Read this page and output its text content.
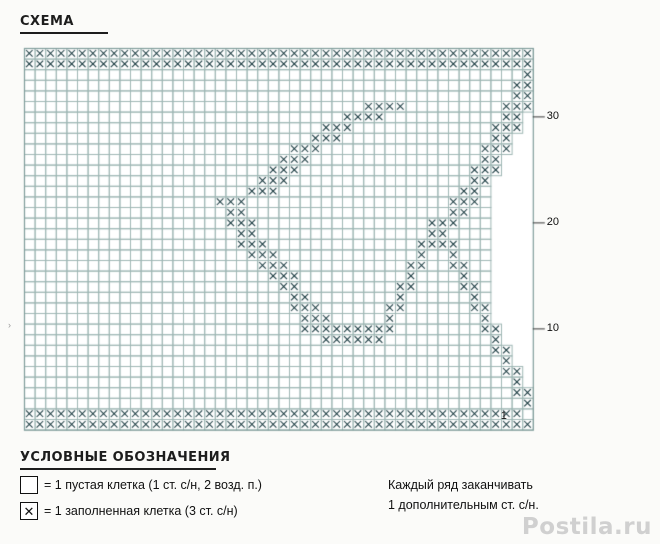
СХЕМА
30
20
10
1
›
УСЛОВНЫЕ ОБОЗНАЧЕНИЯ
= 1 пустая клетка (1 ст. с/н, 2 возд. п.)
✕ = 1 заполненная клетка (3 ст. с/н)
Каждый ряд заканчивать
1 дополнительным ст. с/н.
Postila.ru
